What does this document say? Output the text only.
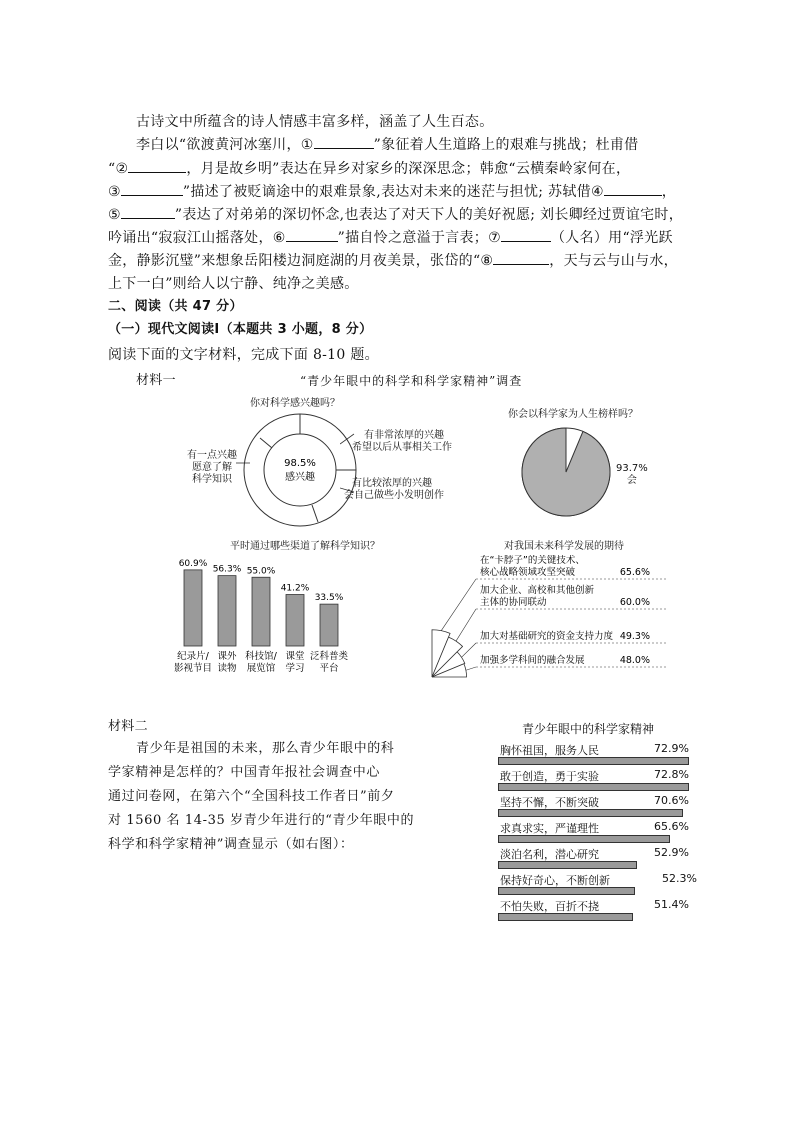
古诗文中所蕴含的诗人情感丰富多样，涵盖了人生百态。
李白以“欲渡黄河冰塞川，①	”象征着人生道路上的艰难与挑战；杜甫借
“②	，月是故乡明”表达在异乡对家乡的深深思念；韩愈“云横秦岭家何在，
③	”描述了被贬谪途中的艰难景象,表达对未来的迷茫与担忧; 苏轼借④	，
⑤	”表达了对弟弟的深切怀念,也表达了对天下人的美好祝愿; 刘长卿经过贾谊宅时，
吟诵出“寂寂江山摇落处，⑥	”描自怜之意溢于言表；⑦	（人名）用“浮光跃
金，静影沉璧”来想象岳阳楼边洞庭湖的月夜美景，张岱的“⑧	，天与云与山与水，
上下一白”则给人以宁静、纯净之美感。
二、阅读（共 47 分）
（一）现代文阅读Ⅰ（本题共 3 小题，8 分）
阅读下面的文字材料，完成下面 8-10 题。
材料一	“青少年眼中的科学和科学家精神”调查
你对科学感兴趣吗？
98.5%
感兴趣
有非常浓厚的兴趣
希望以后从事相关工作
有比较浓厚的兴趣
会自己做些小发明创作
有一点兴趣
愿意了解
科学知识
你会以科学家为人生榜样吗？
93.7%
会
平时通过哪些渠道了解科学知识？
60.9%
纪录片/
影视节目
56.3%
课外
读物
55.0%
科技馆/
展览馆
41.2%
课堂
学习
33.5%
泛科普类
平台
对我国未来科学发展的期待
在“卡脖子”的关键技术、
核心战略领域攻坚突破	65.6%
加大企业、高校和其他创新
主体的协同联动	60.0%
加大对基础研究的资金支持力度 49.3%
加强多学科间的融合发展	48.0%
材料二
青少年是祖国的未来，那么青少年眼中的科
学家精神是怎样的？中国青年报社会调查中心
通过问卷网，在第六个“全国科技工作者日”前夕
对 1560 名 14-35 岁青少年进行的“青少年眼中的
科学和科学家精神”调查显示（如右图）：
青少年眼中的科学家精神
胸怀祖国，服务人民	72.9%
敢于创造，勇于实验	72.8%
坚持不懈，不断突破	70.6%
求真求实，严谨理性	65.6%
淡泊名利，潜心研究	52.9%
保持好奇心，不断创新	52.3%
不怕失败，百折不挠	51.4%
